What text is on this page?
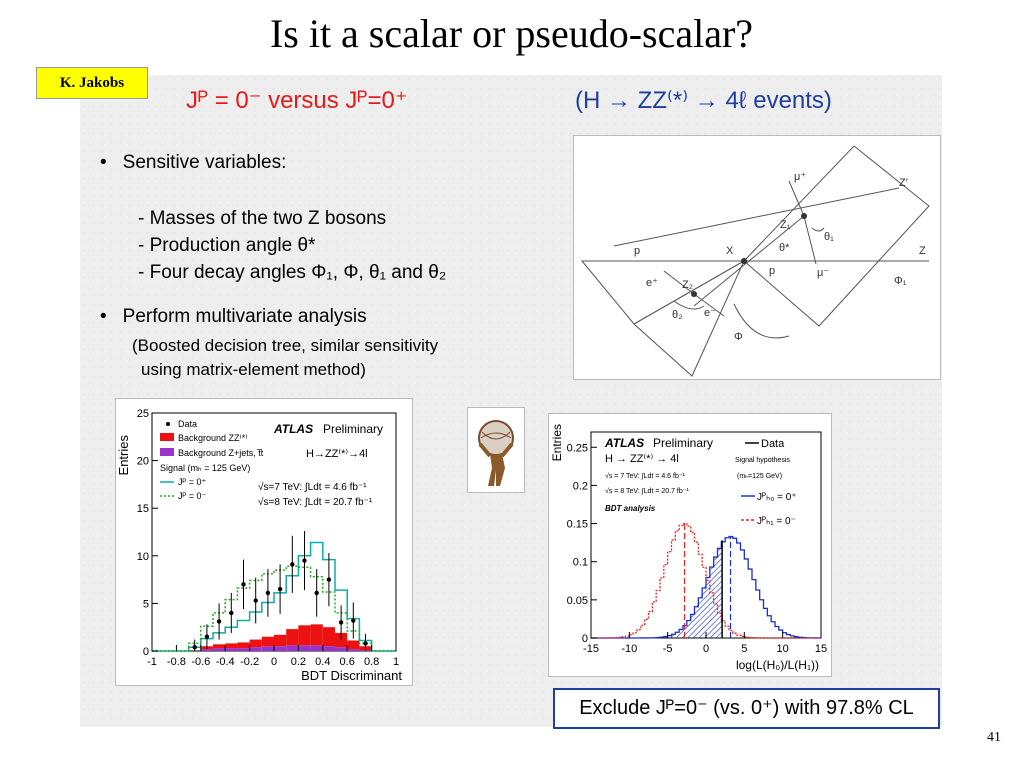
Is it a scalar or pseudo-scalar?
K. Jakobs
Jᴾ = 0⁻ versus Jᴾ=0⁺	(H → ZZ⁽*⁾ → 4ℓ events)
• Sensitive variables:
- Masses of the two Z bosons
- Production angle θ*
- Four decay angles Φ₁, Φ, θ₁ and θ₂
• Perform multivariate analysis
(Boosted decision tree, similar sensitivity
using matrix-element method)
μ⁺	Z′
Z₁
θ₁
θ*
X
p
p
Z
μ⁻
Φ₁
e⁺ Z₂
θ₂ e⁻
Φ
-1 -0.8 -0.6 -0.4 -0.2 0 0.2 0.4 0.6 0.8 1
0
5
10
15
20
25
Entries
BDT Discriminant
Data
Background ZZ⁽*⁾
Background Z+jets, t̅t
Signal (mₕ = 125 GeV)
Jᴾ = 0⁺
Jᴾ = 0⁻
ATLAS Preliminary
H→ZZ⁽*⁾→4l
√s=7 TeV: ∫Ldt = 4.6 fb⁻¹
√s=8 TeV: ∫Ldt = 20.7 fb⁻¹
-15 -10 -5	0	5	10 15
0
0.05
0.1
0.15
0.2
0.25
Entries
log(L(H₀)/L(H₁))
ATLAS Preliminary
H → ZZ⁽*⁾ → 4l
√s = 7 TeV: ∫Ldt = 4.6 fb⁻¹
√s = 8 TeV: ∫Ldt = 20.7 fb⁻¹
BDT analysis
Data
Signal hypothesis
(mₕ=125 GeV)
Jᴾₕ₀ = 0⁺
Jᴾₕ₁ = 0⁻
Exclude Jᴾ=0⁻ (vs. 0⁺) with 97.8% CL
41
